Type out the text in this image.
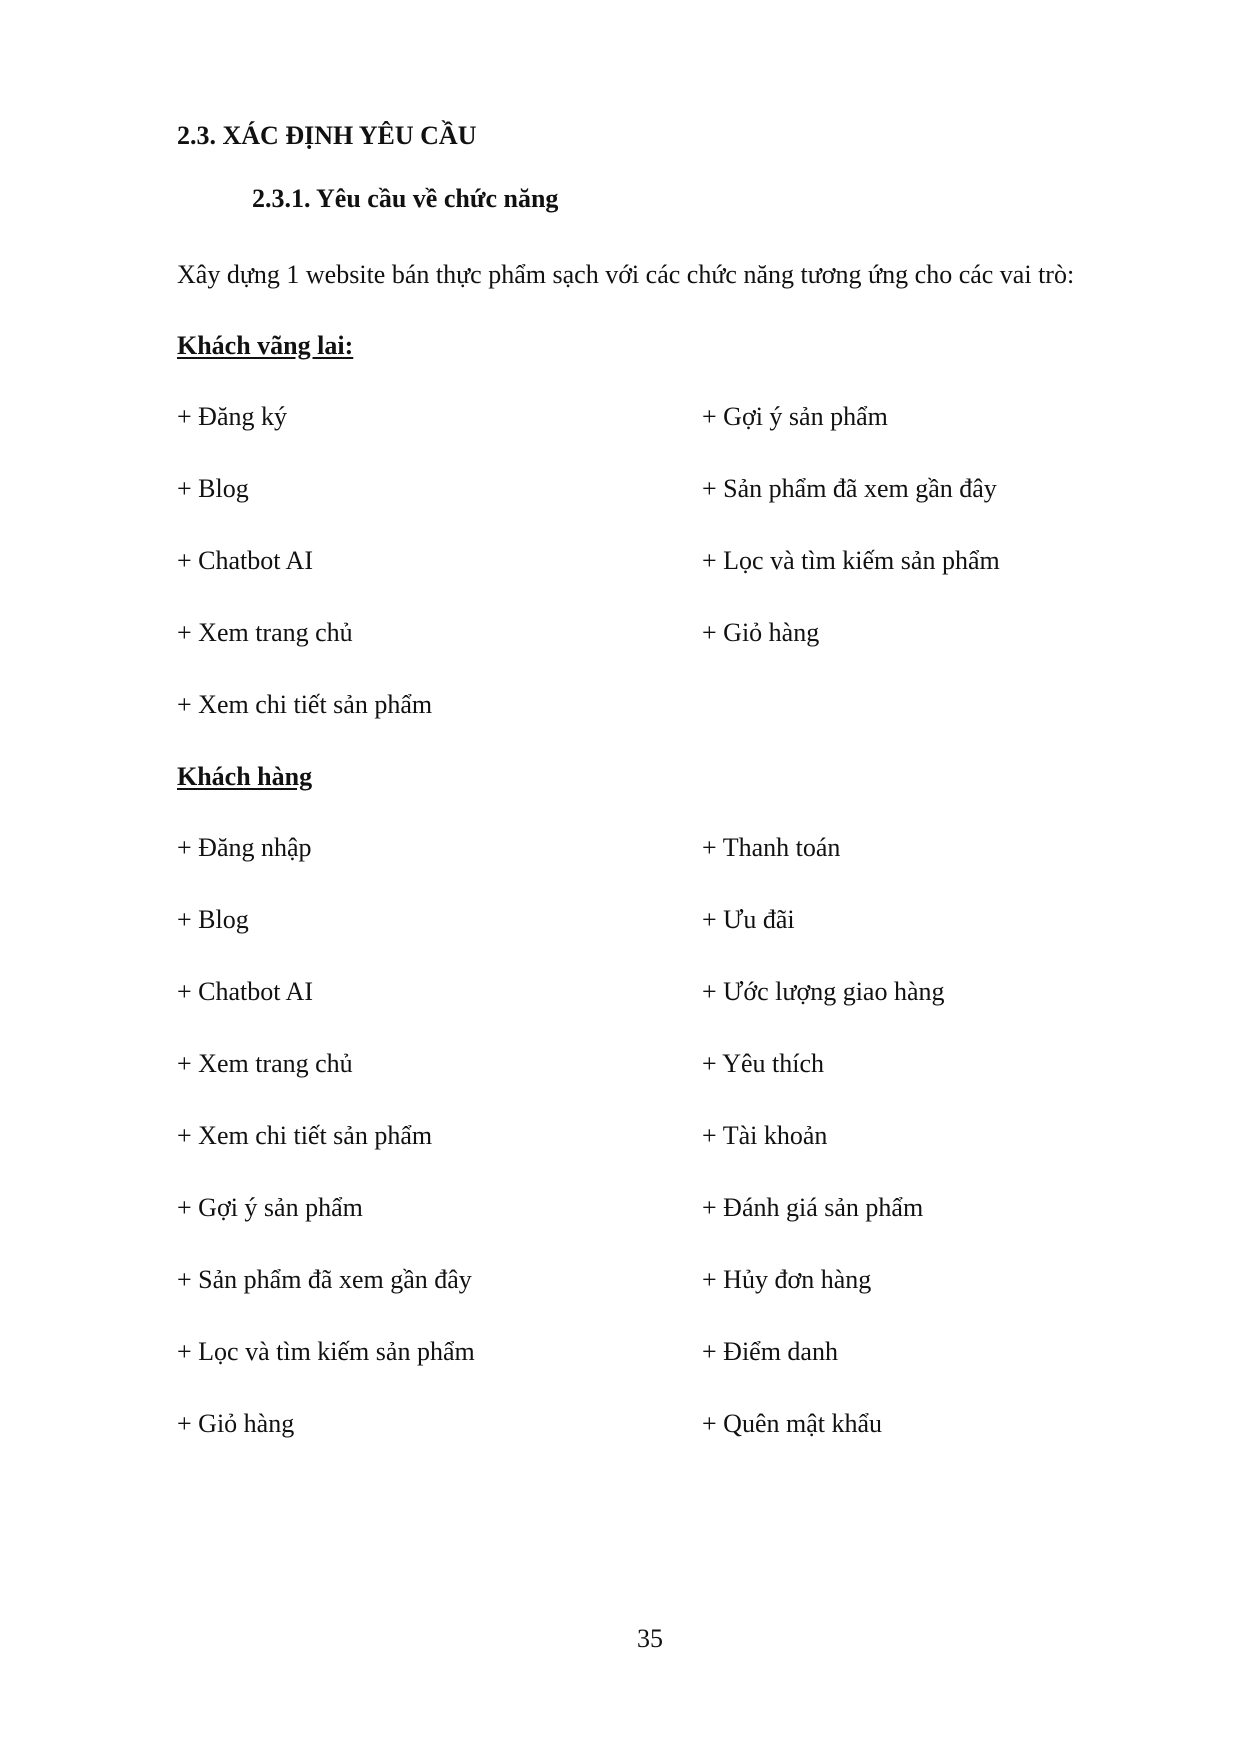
2.3. XÁC ĐỊNH YÊU CẦU
2.3.1. Yêu cầu về chức năng

Xây dựng 1 website bán thực phẩm sạch với các chức năng tương ứng cho các vai trò:

Khách vãng lai:

+ Đăng ký	+ Gợi ý sản phẩm
+ Blog	+ Sản phẩm đã xem gần đây
+ Chatbot AI	+ Lọc và tìm kiếm sản phẩm
+ Xem trang chủ	+ Giỏ hàng
+ Xem chi tiết sản phẩm

Khách hàng

+ Đăng nhập	+ Thanh toán
+ Blog	+ Ưu đãi
+ Chatbot AI	+ Ước lượng giao hàng
+ Xem trang chủ	+ Yêu thích
+ Xem chi tiết sản phẩm	+ Tài khoản
+ Gợi ý sản phẩm	+ Đánh giá sản phẩm
+ Sản phẩm đã xem gần đây	+ Hủy đơn hàng
+ Lọc và tìm kiếm sản phẩm	+ Điểm danh
+ Giỏ hàng	+ Quên mật khẩu
35
